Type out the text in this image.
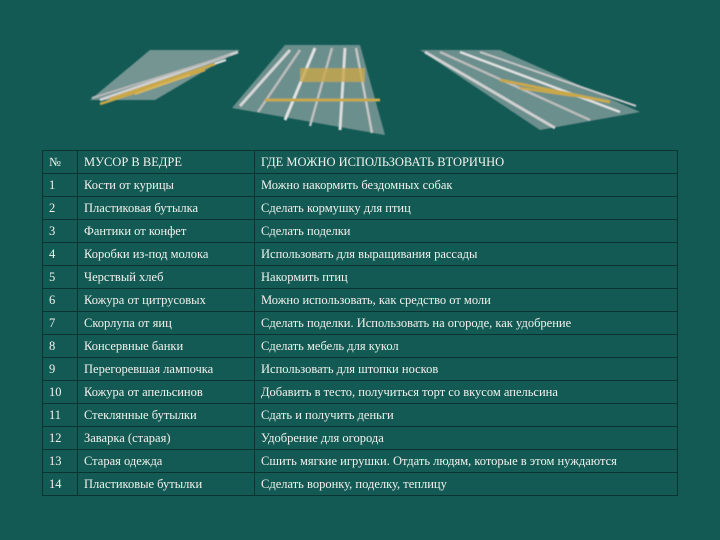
№	МУСОР В ВЕДРЕ	ГДЕ МОЖНО ИСПОЛЬЗОВАТЬ ВТОРИЧНО
1	Кости от курицы	Можно накормить бездомных собак
2	Пластиковая бутылка	Сделать кормушку для птиц
3	Фантики от конфет	Сделать поделки
4	Коробки из-под молока	Использовать для выращивания рассады
5	Черствый хлеб	Накормить птиц
6	Кожура от цитрусовых	Можно использовать, как средство от моли
7	Скорлупа от яиц	Сделать поделки. Использовать на огороде, как удобрение
8	Консервные банки	Сделать мебель для кукол
9	Перегоревшая лампочка	Использовать для штопки носков
10	Кожура от апельсинов	Добавить в тесто, получиться торт со вкусом апельсина
11	Стеклянные бутылки	Сдать и получить деньги
12	Заварка (старая)	Удобрение для огорода
13	Старая одежда	Сшить мягкие игрушки. Отдать людям, которые в этом нуждаются
14	Пластиковые бутылки	Сделать воронку, поделку, теплицу
